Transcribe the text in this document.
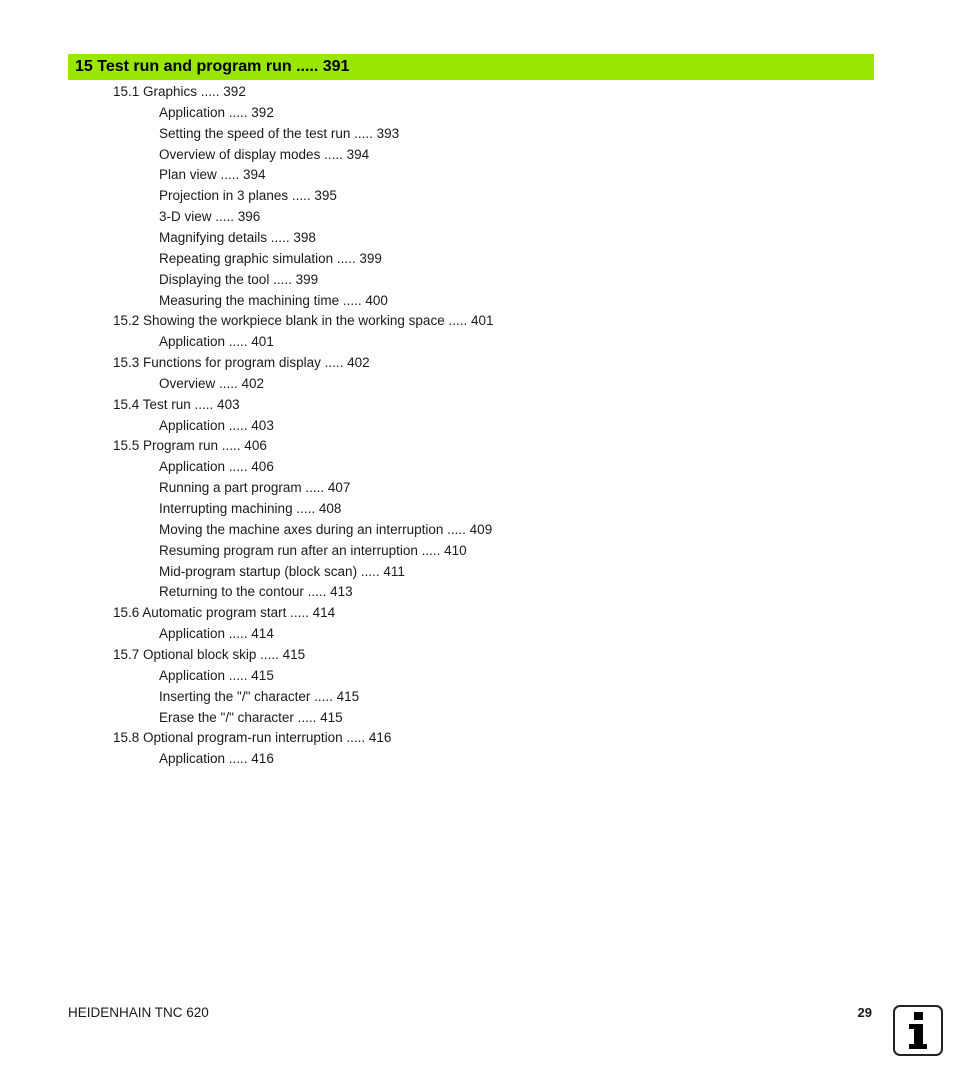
15 Test run and program run ..... 391
15.1 Graphics ..... 392
Application ..... 392
Setting the speed of the test run ..... 393
Overview of display modes ..... 394
Plan view ..... 394
Projection in 3 planes ..... 395
3-D view ..... 396
Magnifying details ..... 398
Repeating graphic simulation ..... 399
Displaying the tool ..... 399
Measuring the machining time ..... 400
15.2 Showing the workpiece blank in the working space ..... 401
Application ..... 401
15.3 Functions for program display ..... 402
Overview ..... 402
15.4 Test run ..... 403
Application ..... 403
15.5 Program run ..... 406
Application ..... 406
Running a part program ..... 407
Interrupting machining ..... 408
Moving the machine axes during an interruption ..... 409
Resuming program run after an interruption ..... 410
Mid-program startup (block scan) ..... 411
Returning to the contour ..... 413
15.6 Automatic program start ..... 414
Application ..... 414
15.7 Optional block skip ..... 415
Application ..... 415
Inserting the "/" character ..... 415
Erase the "/" character ..... 415
15.8 Optional program-run interruption ..... 416
Application ..... 416
HEIDENHAIN TNC 620	29
